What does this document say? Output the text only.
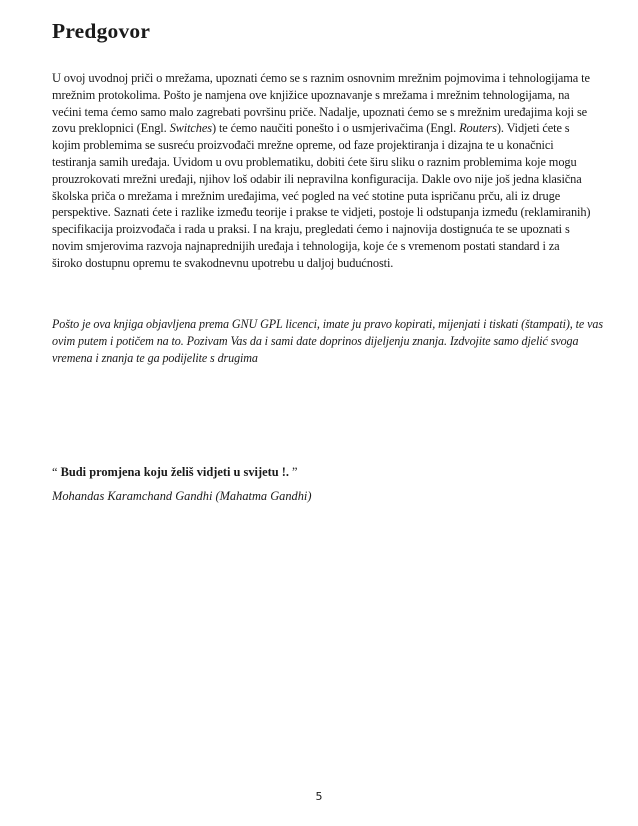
Predgovor

U ovoj uvodnoj priči o mrežama, upoznati ćemo se s raznim osnovnim mrežnim pojmovima i tehnologijama te mrežnim protokolima. Pošto je namjena ove knjižice upoznavanje s mrežama i mrežnim tehnologijama, na većini tema ćemo samo malo zagrebati površinu priče. Nadalje, upoznati ćemo se s mrežnim uređajima koji se zovu preklopnici (Engl. Switches) te ćemo naučiti ponešto i o usmjerivačima (Engl. Routers). Vidjeti ćete s kojim problemima se susreću proizvođači mrežne opreme, od faze projektiranja i dizajna te u konačnici testiranja samih uređaja. Uvidom u ovu problematiku, dobiti ćete širu sliku o raznim problemima koje mogu prouzrokovati mrežni uređaji, njihov loš odabir ili nepravilna konfiguracija. Dakle ovo nije još jedna klasična školska priča o mrežama i mrežnim uređajima, već pogled na već stotine puta ispričanu prču, ali iz druge perspektive. Saznati ćete i razlike između teorije i prakse te vidjeti, postoje li odstupanja između (reklamiranih) specifikacija proizvođača i rada u praksi. I na kraju, pregledati ćemo i najnovija dostignuća te se upoznati s novim smjerovima razvoja najnaprednijih uređaja i tehnologija, koje će s vremenom postati standard i za široko dostupnu opremu te svakodnevnu upotrebu u daljoj budućnosti.

Pošto je ova knjiga objavljena prema GNU GPL licenci, imate ju pravo kopirati, mijenjati i tiskati (štampati), te vas ovim putem i potičem na to. Pozivam Vas da i sami date doprinos dijeljenju znanja. Izdvojite samo djelić svoga vremena i znanja te ga podijelite s drugima

“ Budi promjena koju želiš vidjeti u svijetu !. ”

Mohandas Karamchand Gandhi (Mahatma Gandhi)

5
